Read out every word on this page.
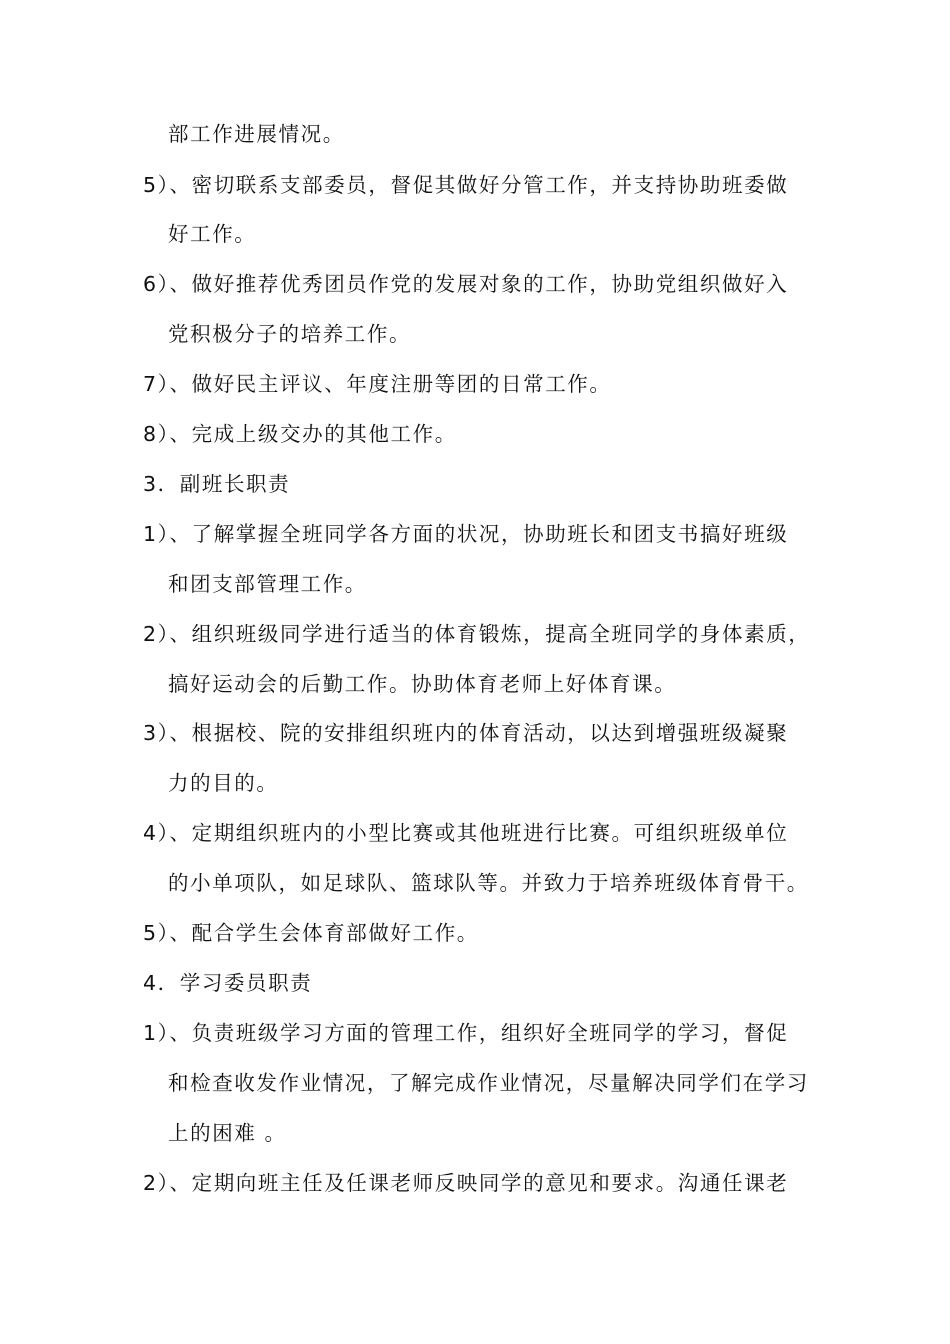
部工作进展情况。
5）、密切联系支部委员，督促其做好分管工作，并支持协助班委做
好工作。
6）、做好推荐优秀团员作党的发展对象的工作，协助党组织做好入
党积极分子的培养工作。
7）、做好民主评议、年度注册等团的日常工作。
8）、完成上级交办的其他工作。
3．副班长职责
1）、了解掌握全班同学各方面的状况，协助班长和团支书搞好班级
和团支部管理工作。
2）、组织班级同学进行适当的体育锻炼，提高全班同学的身体素质，
搞好运动会的后勤工作。协助体育老师上好体育课。
3）、根据校、院的安排组织班内的体育活动，以达到增强班级凝聚
力的目的。
4）、定期组织班内的小型比赛或其他班进行比赛。可组织班级单位
的小单项队，如足球队、篮球队等。并致力于培养班级体育骨干。
5）、配合学生会体育部做好工作。
4．学习委员职责
1）、负责班级学习方面的管理工作，组织好全班同学的学习，督促
和检查收发作业情况，了解完成作业情况，尽量解决同学们在学习
上的困难 。
2）、定期向班主任及任课老师反映同学的意见和要求。沟通任课老
